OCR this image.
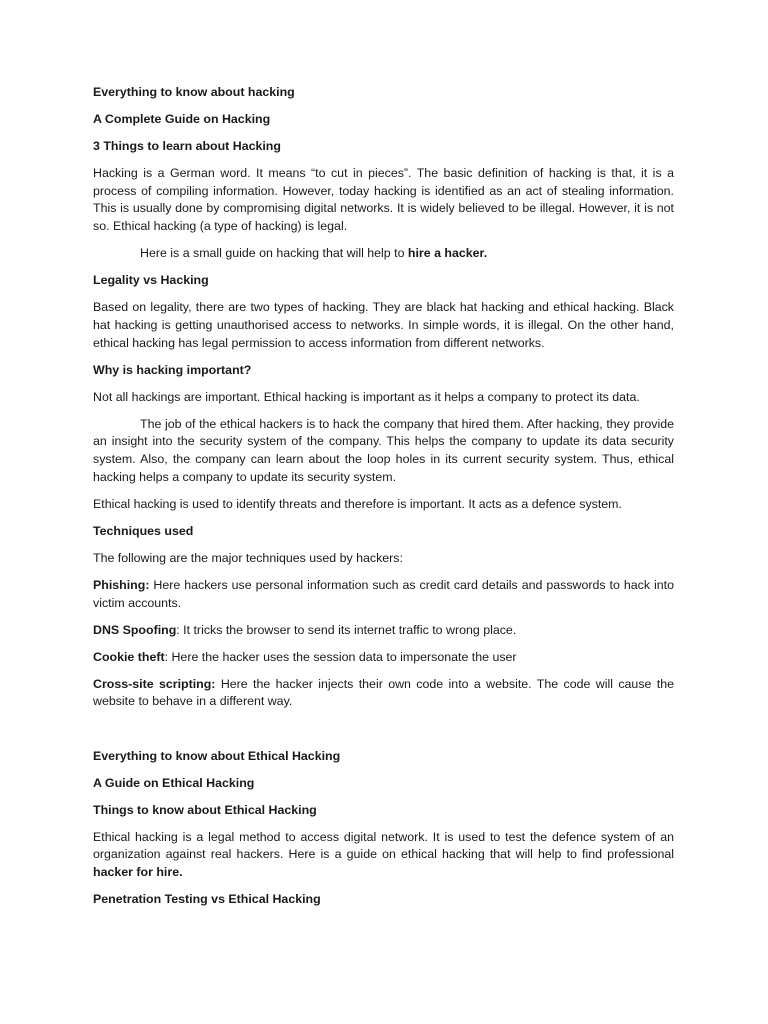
Everything to know about hacking
A Complete Guide on Hacking
3 Things to learn about Hacking
Hacking is a German word. It means “to cut in pieces”. The basic definition of hacking is that, it is a process of compiling information. However, today hacking is identified as an act of stealing information. This is usually done by compromising digital networks. It is widely believed to be illegal. However, it is not so. Ethical hacking (a type of hacking) is legal.
Here is a small guide on hacking that will help to hire a hacker.
Legality vs Hacking
Based on legality, there are two types of hacking. They are black hat hacking and ethical hacking. Black hat hacking is getting unauthorised access to networks. In simple words, it is illegal. On the other hand, ethical hacking has legal permission to access information from different networks.
Why is hacking important?
Not all hackings are important. Ethical hacking is important as it helps a company to protect its data.
The job of the ethical hackers is to hack the company that hired them. After hacking, they provide an insight into the security system of the company. This helps the company to update its data security system. Also, the company can learn about the loop holes in its current security system. Thus, ethical hacking helps a company to update its security system.
Ethical hacking is used to identify threats and therefore is important. It acts as a defence system.
Techniques used
The following are the major techniques used by hackers:
Phishing: Here hackers use personal information such as credit card details and passwords to hack into victim accounts.
DNS Spoofing: It tricks the browser to send its internet traffic to wrong place.
Cookie theft: Here the hacker uses the session data to impersonate the user
Cross-site scripting: Here the hacker injects their own code into a website. The code will cause the website to behave in a different way.
Everything to know about Ethical Hacking
A Guide on Ethical Hacking
Things to know about Ethical Hacking
Ethical hacking is a legal method to access digital network. It is used to test the defence system of an organization against real hackers. Here is a guide on ethical hacking that will help to find professional hacker for hire.
Penetration Testing vs Ethical Hacking
